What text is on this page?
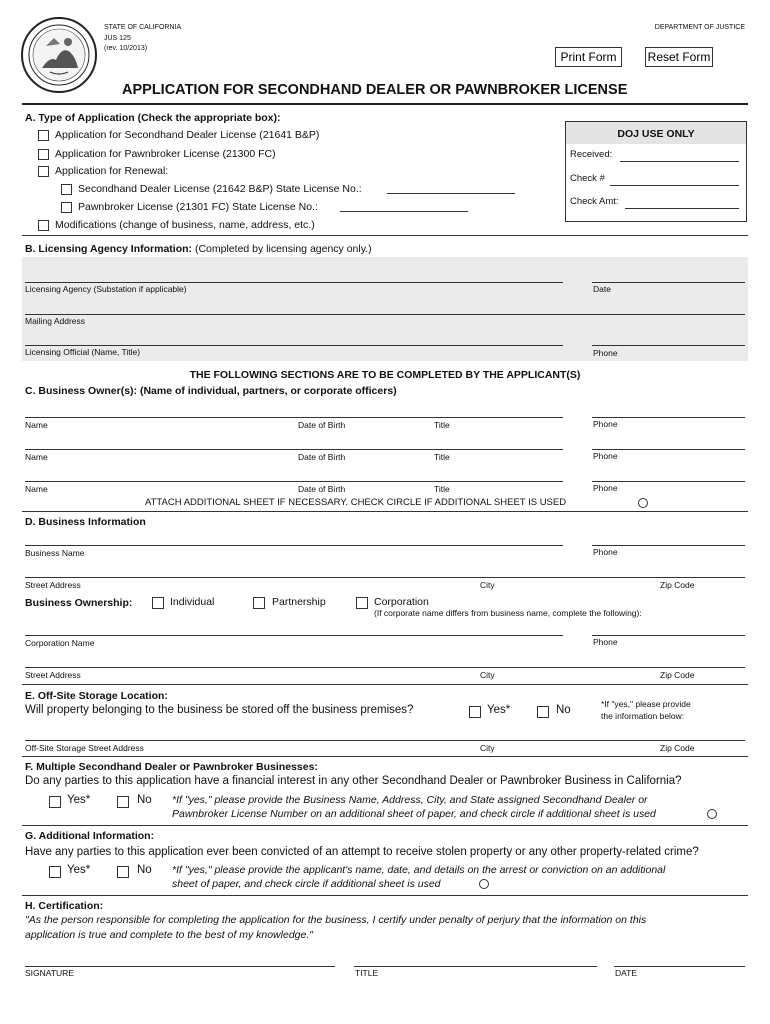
STATE OF CALIFORNIA
JUS 125
(rev. 10/2013)
DEPARTMENT OF JUSTICE
Print Form	Reset Form
APPLICATION FOR SECONDHAND DEALER OR PAWNBROKER LICENSE
A. Type of Application (Check the appropriate box):
Application for Secondhand Dealer License (21641 B&P)
Application for Pawnbroker License (21300 FC)
Application for Renewal:
Secondhand Dealer License (21642 B&P) State License No.:
Pawnbroker License (21301 FC) State License No.:
Modifications (change of business, name, address, etc.)
DOJ USE ONLY
Received:
Check #
Check Amt:
B. Licensing Agency Information: (Completed by licensing agency only.)
Licensing Agency (Substation if applicable)	Date
Mailing Address
Licensing Official (Name, Title)	Phone
THE FOLLOWING SECTIONS ARE TO BE COMPLETED BY THE APPLICANT(S)
C. Business Owner(s): (Name of individual, partners, or corporate officers)
Name	Date of Birth	Title	Phone
Name	Date of Birth	Title	Phone
Name	Date of Birth	Title	Phone
ATTACH ADDITIONAL SHEET IF NECESSARY. CHECK CIRCLE IF ADDITIONAL SHEET IS USED
D. Business Information
Business Name	Phone
Street Address	City	Zip Code
Business Ownership:	Individual	Partnership	Corporation
(If corporate name differs from business name, complete the following):
Corporation Name	Phone
Street Address	City	Zip Code
E. Off-Site Storage Location:
Will property belonging to the business be stored off the business premises?	Yes*	No	*If "yes," please provide
the information below:
Off-Site Storage Street Address	City	Zip Code
F. Multiple Secondhand Dealer or Pawnbroker Businesses:
Do any parties to this application have a financial interest in any other Secondhand Dealer or Pawnbroker Business in California?
Yes*	No *If "yes," please provide the Business Name, Address, City, and State assigned Secondhand Dealer or
Pawnbroker License Number on an additional sheet of paper, and check circle if additional sheet is used
G. Additional Information:
Have any parties to this application ever been convicted of an attempt to receive stolen property or any other property-related crime?
Yes*	No *If "yes," please provide the applicant's name, date, and details on the arrest or conviction on an additional
sheet of paper, and check circle if additional sheet is used
H. Certification:
"As the person responsible for completing the application for the business, I certify under penalty of perjury that the information on this
application is true and complete to the best of my knowledge."
SIGNATURE	TITLE	DATE
